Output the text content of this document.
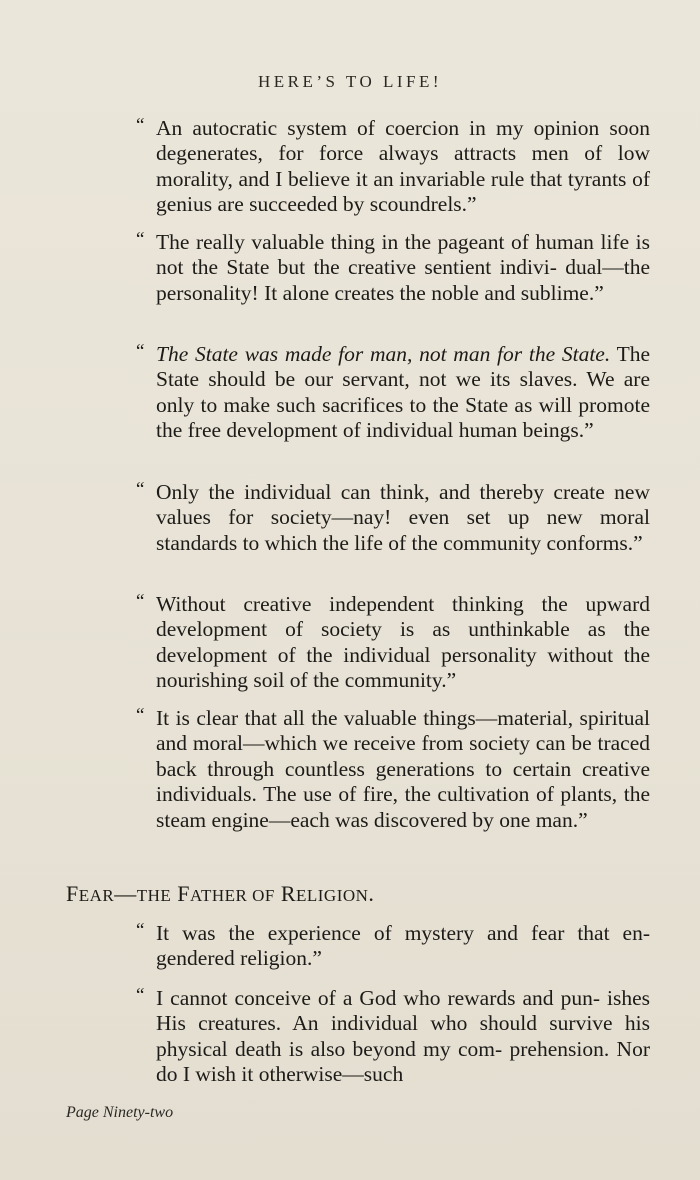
HERE’S TO LIFE!
“ An autocratic system of coercion in my opinion soon degenerates, for force always attracts men of low morality, and I believe it an invariable rule that tyrants of genius are succeeded by scoundrels.”
“ The really valuable thing in the pageant of human life is not the State but the creative sentient indivi- dual—the personality! It alone creates the noble and sublime.”
“ The State was made for man, not man for the State. The State should be our servant, not we its slaves. We are only to make such sacrifices to the State as will promote the free development of individual human beings.”
“ Only the individual can think, and thereby create new values for society—nay! even set up new moral standards to which the life of the community conforms.”
“ Without creative independent thinking the upward development of society is as unthinkable as the development of the individual personality without the nourishing soil of the community.”
“ It is clear that all the valuable things—material, spiritual and moral—which we receive from society can be traced back through countless generations to certain creative individuals. The use of fire, the cultivation of plants, the steam engine—each was discovered by one man.”
FEAR—THE FATHER OF RELIGION.
“ It was the experience of mystery and fear that en- gendered religion.”
“ I cannot conceive of a God who rewards and pun- ishes His creatures. An individual who should survive his physical death is also beyond my com- prehension. Nor do I wish it otherwise—such
Page Ninety-two
